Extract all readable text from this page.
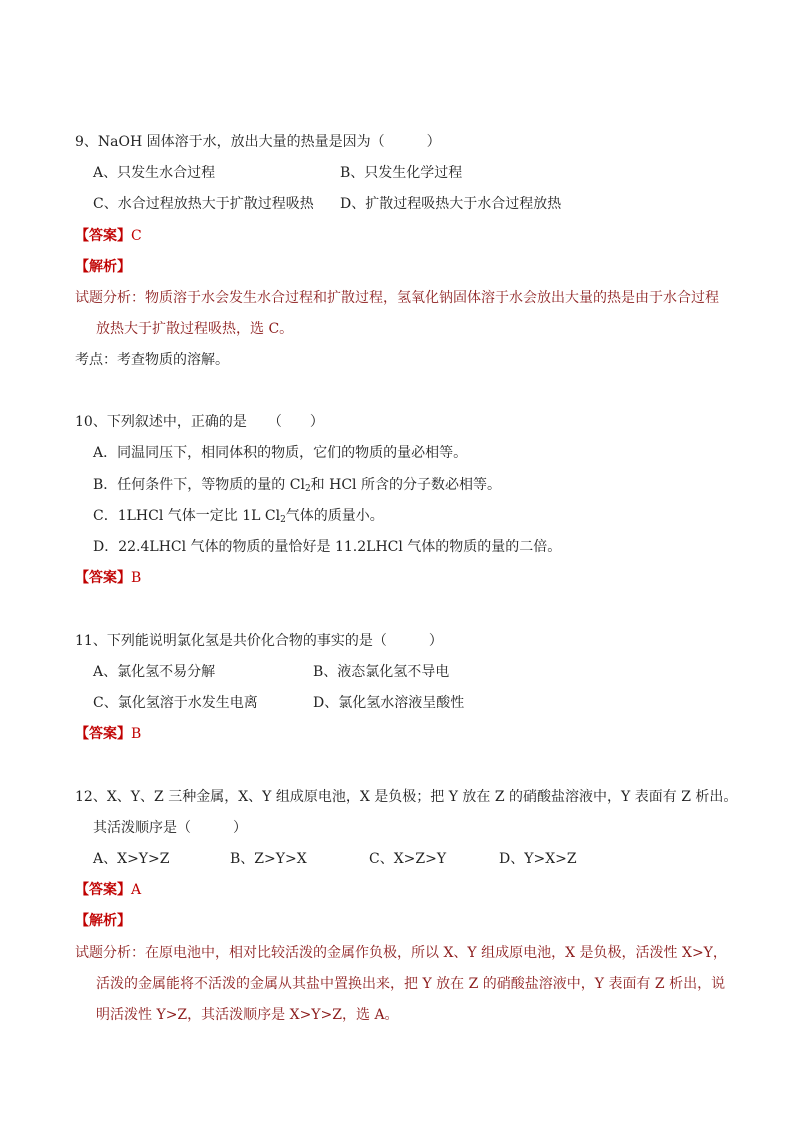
9、NaOH 固体溶于水，放出大量的热量是因为（　　　）
A、只发生水合过程	B、只发生化学过程
C、水合过程放热大于扩散过程吸热 D、扩散过程吸热大于水合过程放热
【答案】C
【解析】
试题分析：物质溶于水会发生水合过程和扩散过程，氢氧化钠固体溶于水会放出大量的热是由于水合过程
放热大于扩散过程吸热，选 C。
考点：考查物质的溶解。
10、下列叙述中，正确的是　　（　　）
A．同温同压下，相同体积的物质，它们的物质的量必相等。
B．任何条件下，等物质的量的 $Cl_2$和 HCl 所含的分子数必相等。
C．1LHCl 气体一定比 1L $Cl_2$气体的质量小。
D．22.4LHCl 气体的物质的量恰好是 11.2LHCl 气体的物质的量的二倍。
【答案】B
11、下列能说明氯化氢是共价化合物的事实的是（　　　）
A、氯化氢不易分解	B、液态氯化氢不导电
C、氯化氢溶于水发生电离	D、氯化氢水溶液呈酸性
【答案】B
12、X、Y、Z 三种金属，X、Y 组成原电池，X 是负极；把 Y 放在 Z 的硝酸盐溶液中，Y 表面有 Z 析出。
其活泼顺序是（　　　）
A、X>Y>Z	B、Z>Y>X	C、X>Z>Y	D、Y>X>Z
【答案】A
【解析】
试题分析：在原电池中，相对比较活泼的金属作负极，所以 X、Y 组成原电池，X 是负极，活泼性 X>Y，
活泼的金属能将不活泼的金属从其盐中置换出来，把 Y 放在 Z 的硝酸盐溶液中，Y 表面有 Z 析出，说
明活泼性 Y>Z，其活泼顺序是 X>Y>Z，选 A。
